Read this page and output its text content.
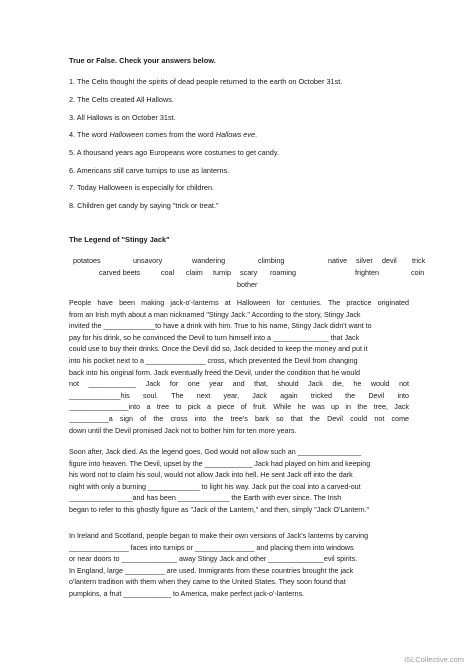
True or False. Check your answers below.
1. The Celts thought the spirits of dead people returned to the earth on October 31st.
2. The Celts created All Hallows.
3. All Hallows is on October 31st.
4. The word Halloween comes from the word Hallows eve.
5. A thousand years ago Europeans wore costumes to get candy.
6. Americans still carve turnips to use as lanterns.
7. Today Halloween is especially for children.
8. Children get candy by saying "trick or treat."
The Legend of "Stingy Jack"
potatoes	unsavory	wandering	climbing	native silver devil trick
carved beets	coal claim turnip scary roaming	frighten	coin
bother
People have been making jack-o'-lanterns at Halloween for centuries. The practice originated
from an Irish myth about a man nicknamed "Stingy Jack." According to the story, Stingy Jack
invited the _____________to have a drink with him. True to his name, Stingy Jack didn't want to
pay for his drink, so he convinced the Devil to turn himself into a ______________ that Jack
could use to buy their drinks. Once the Devil did so, Jack decided to keep the money and put it
into his pocket next to a _______________ cross, which prevented the Devil from changing
back into his original form. Jack eventually freed the Devil, under the condition that he would
not ____________ Jack for one year and that, should Jack die, he would not
_____________his soul. The next year, Jack again tricked the Devil into
_______________into a tree to pick a piece of fruit. While he was up in the tree, Jack
__________a sign of the cross into the tree's bark so that the Devil could not come
down until the Devil promised Jack not to bother him for ten more years.
Soon after, Jack died. As the legend goes, God would not allow such an ________________
figure into heaven. The Devil, upset by the ____________ Jack had played on him and keeping
his word not to claim his soul, would not allow Jack into hell. He sent Jack off into the dark
night with only a burning _____________ to light his way. Jack put the coal into a carved-out
________________and has been _____________ the Earth with ever since. The Irish
began to refer to this ghostly figure as "Jack of the Lantern," and then, simply "Jack O'Lantern."
In Ireland and Scotland, people began to make their own versions of Jack's lanterns by carving
_______________ faces into turnips or _______________ and placing them into windows
or near doors to ______________ away Stingy Jack and other ______________evil spirits.
In England, large __________ are used. Immigrants from these countries brought the jack
o'lantern tradition with them when they came to the United States. They soon found that
pumpkins, a fruit ____________ to America, make perfect jack-o'-lanterns.
iSLCollective.com
